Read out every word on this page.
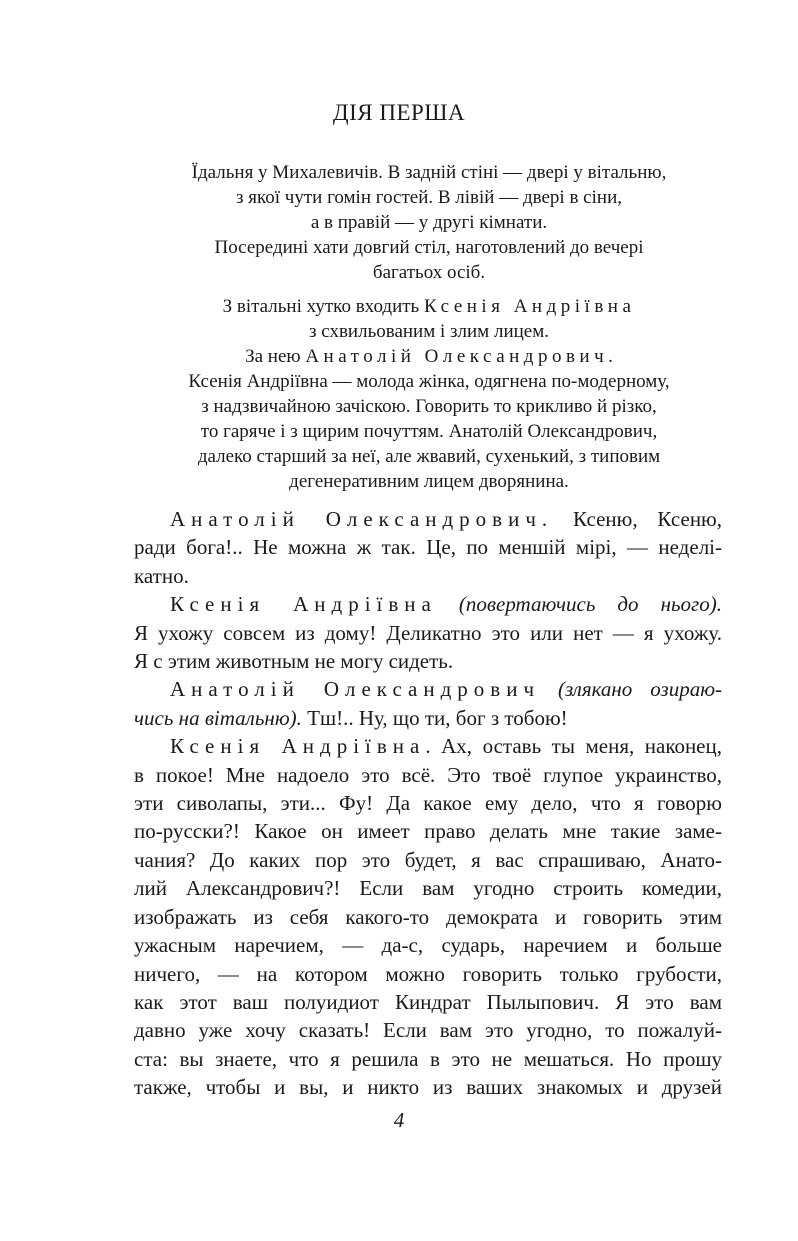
ДІЯ ПЕРША
Їдальня у Михалевичів. В задній стіні — двері у вітальню,
з якої чути гомін гостей. В лівій — двері в сіни,
а в правій — у другі кімнати.
Посередині хати довгий стіл, наготовлений до вечері
багатьох осіб.
З вітальні хутко входить Ксенія Андріївна
з схвильованим і злим лицем.
За нею Анатолій Олександрович.
Ксенія Андріївна — молода жінка, одягнена по-модерному,
з надзвичайною зачіскою. Говорить то крикливо й різко,
то гаряче і з щирим почуттям. Анатолій Олександрович,
далеко старший за неї, але жвавий, сухенький, з типовим
дегенеративним лицем дворянина.
Анатолій Олександрович. Ксеню, Ксеню,
ради бога!.. Не можна ж так. Це, по меншій мірі, — неделі-
катно.
Ксенія Андріївна (повертаючись до нього).
Я ухожу совсем из дому! Деликатно это или нет — я ухожу.
Я с этим животным не могу сидеть.
Анатолій Олександрович (злякано озираю-
чись на вітальню). Тш!.. Ну, що ти, бог з тобою!
Ксенія Андріївна. Ах, оставь ты меня, наконец,
в покое! Мне надоело это всё. Это твоё глупое украинство,
эти сиволапы, эти... Фу! Да какое ему дело, что я говорю
по-русски?! Какое он имеет право делать мне такие заме-
чания? До каких пор это будет, я вас спрашиваю, Анато-
лий Александрович?! Если вам угодно строить комедии,
изображать из себя какого-то демократа и говорить этим
ужасным наречием, — да-с, сударь, наречием и больше
ничего, — на котором можно говорить только грубости,
как этот ваш полуидиот Киндрат Пылыпович. Я это вам
давно уже хочу сказать! Если вам это угодно, то пожалуй-
ста: вы знаете, что я решила в это не мешаться. Но прошу
также, чтобы и вы, и никто из ваших знакомых и друзей
4
